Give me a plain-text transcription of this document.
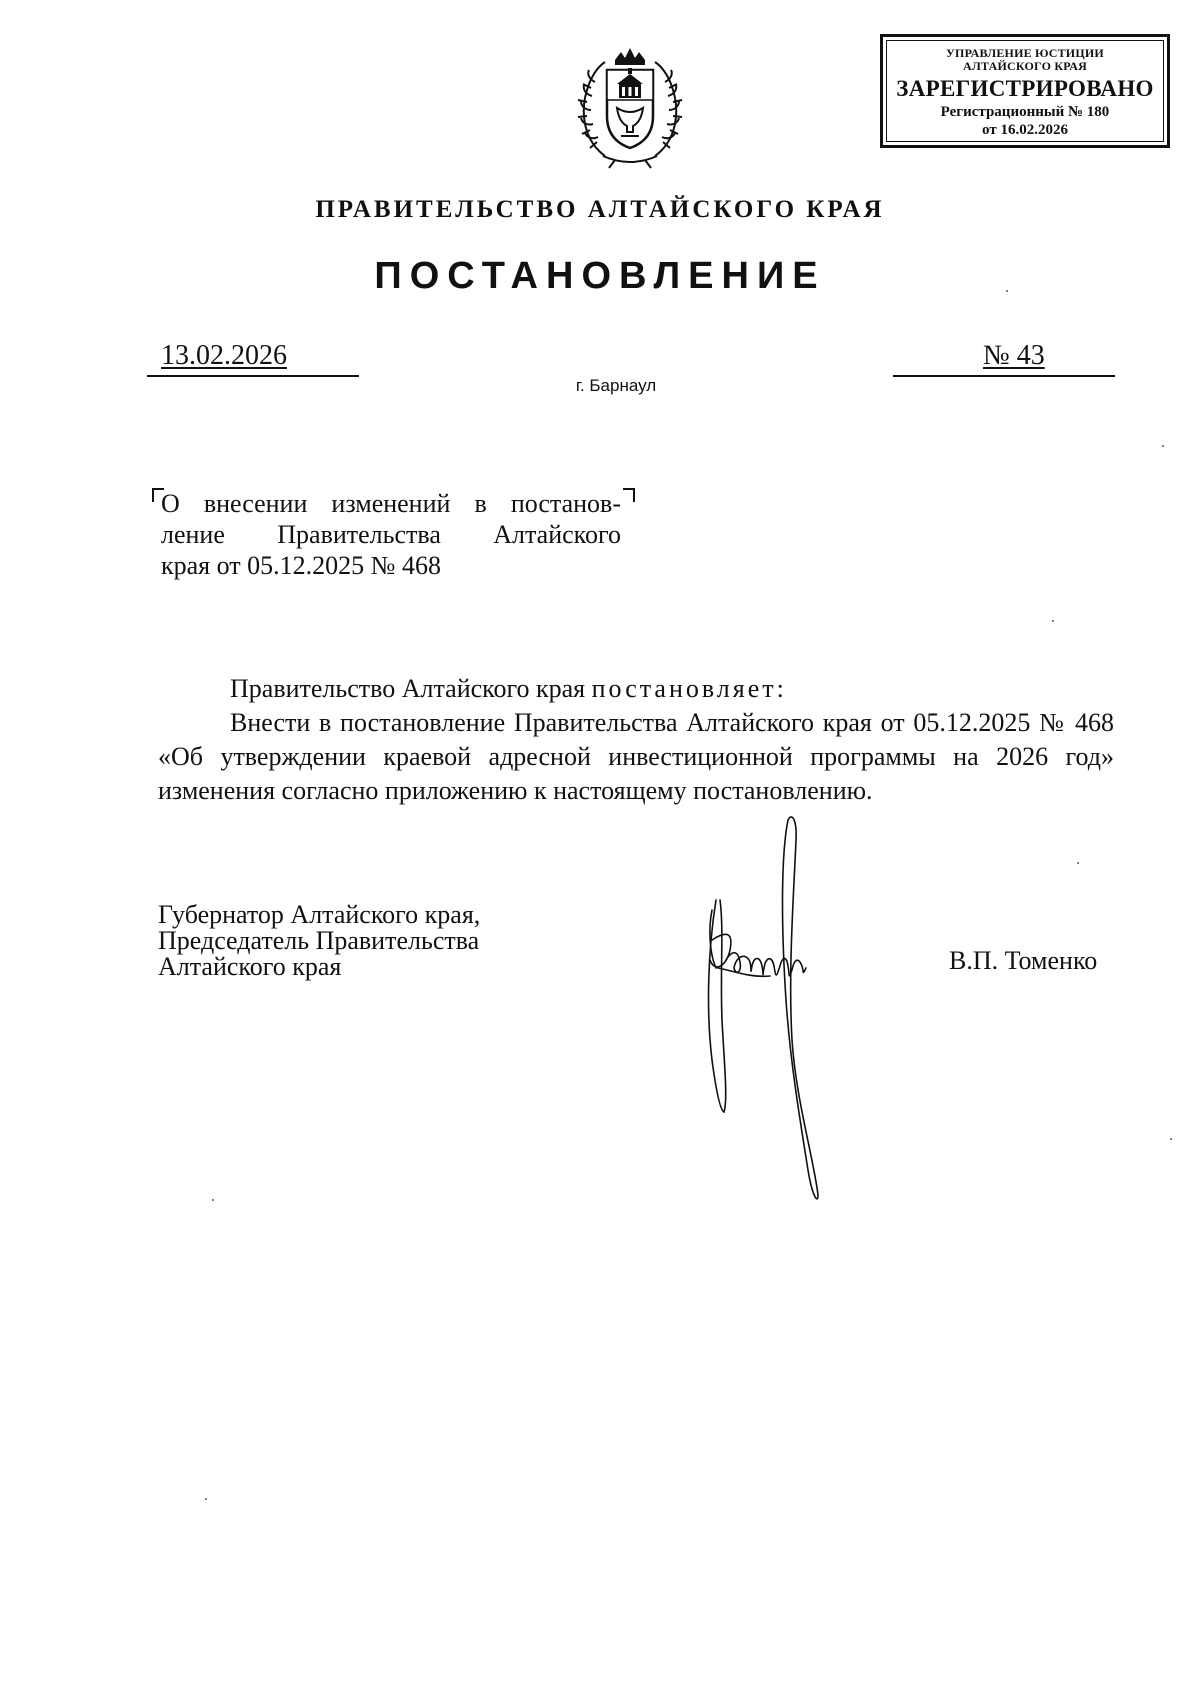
УПРАВЛЕНИЕ ЮСТИЦИИ
АЛТАЙСКОГО КРАЯ
ЗАРЕГИСТРИРОВАНО
Регистрационный № 180
от 16.02.2026
ПРАВИТЕЛЬСТВО АЛТАЙСКОГО КРАЯ
ПОСТАНОВЛЕНИЕ
13.02.2026	№ 43
г. Барнаул
О внесении изменений в постанов-
ление Правительства Алтайского
края от 05.12.2025 № 468
Правительство Алтайского края постановляет:
Внести в постановление Правительства Алтайского края от 05.12.2025 № 468 «Об утверждении краевой адресной инвестиционной программы на 2026 год» изменения согласно приложению к настоящему постановлению.
Губернатор Алтайского края,
Председатель Правительства
Алтайского края	В.П. Томенко
